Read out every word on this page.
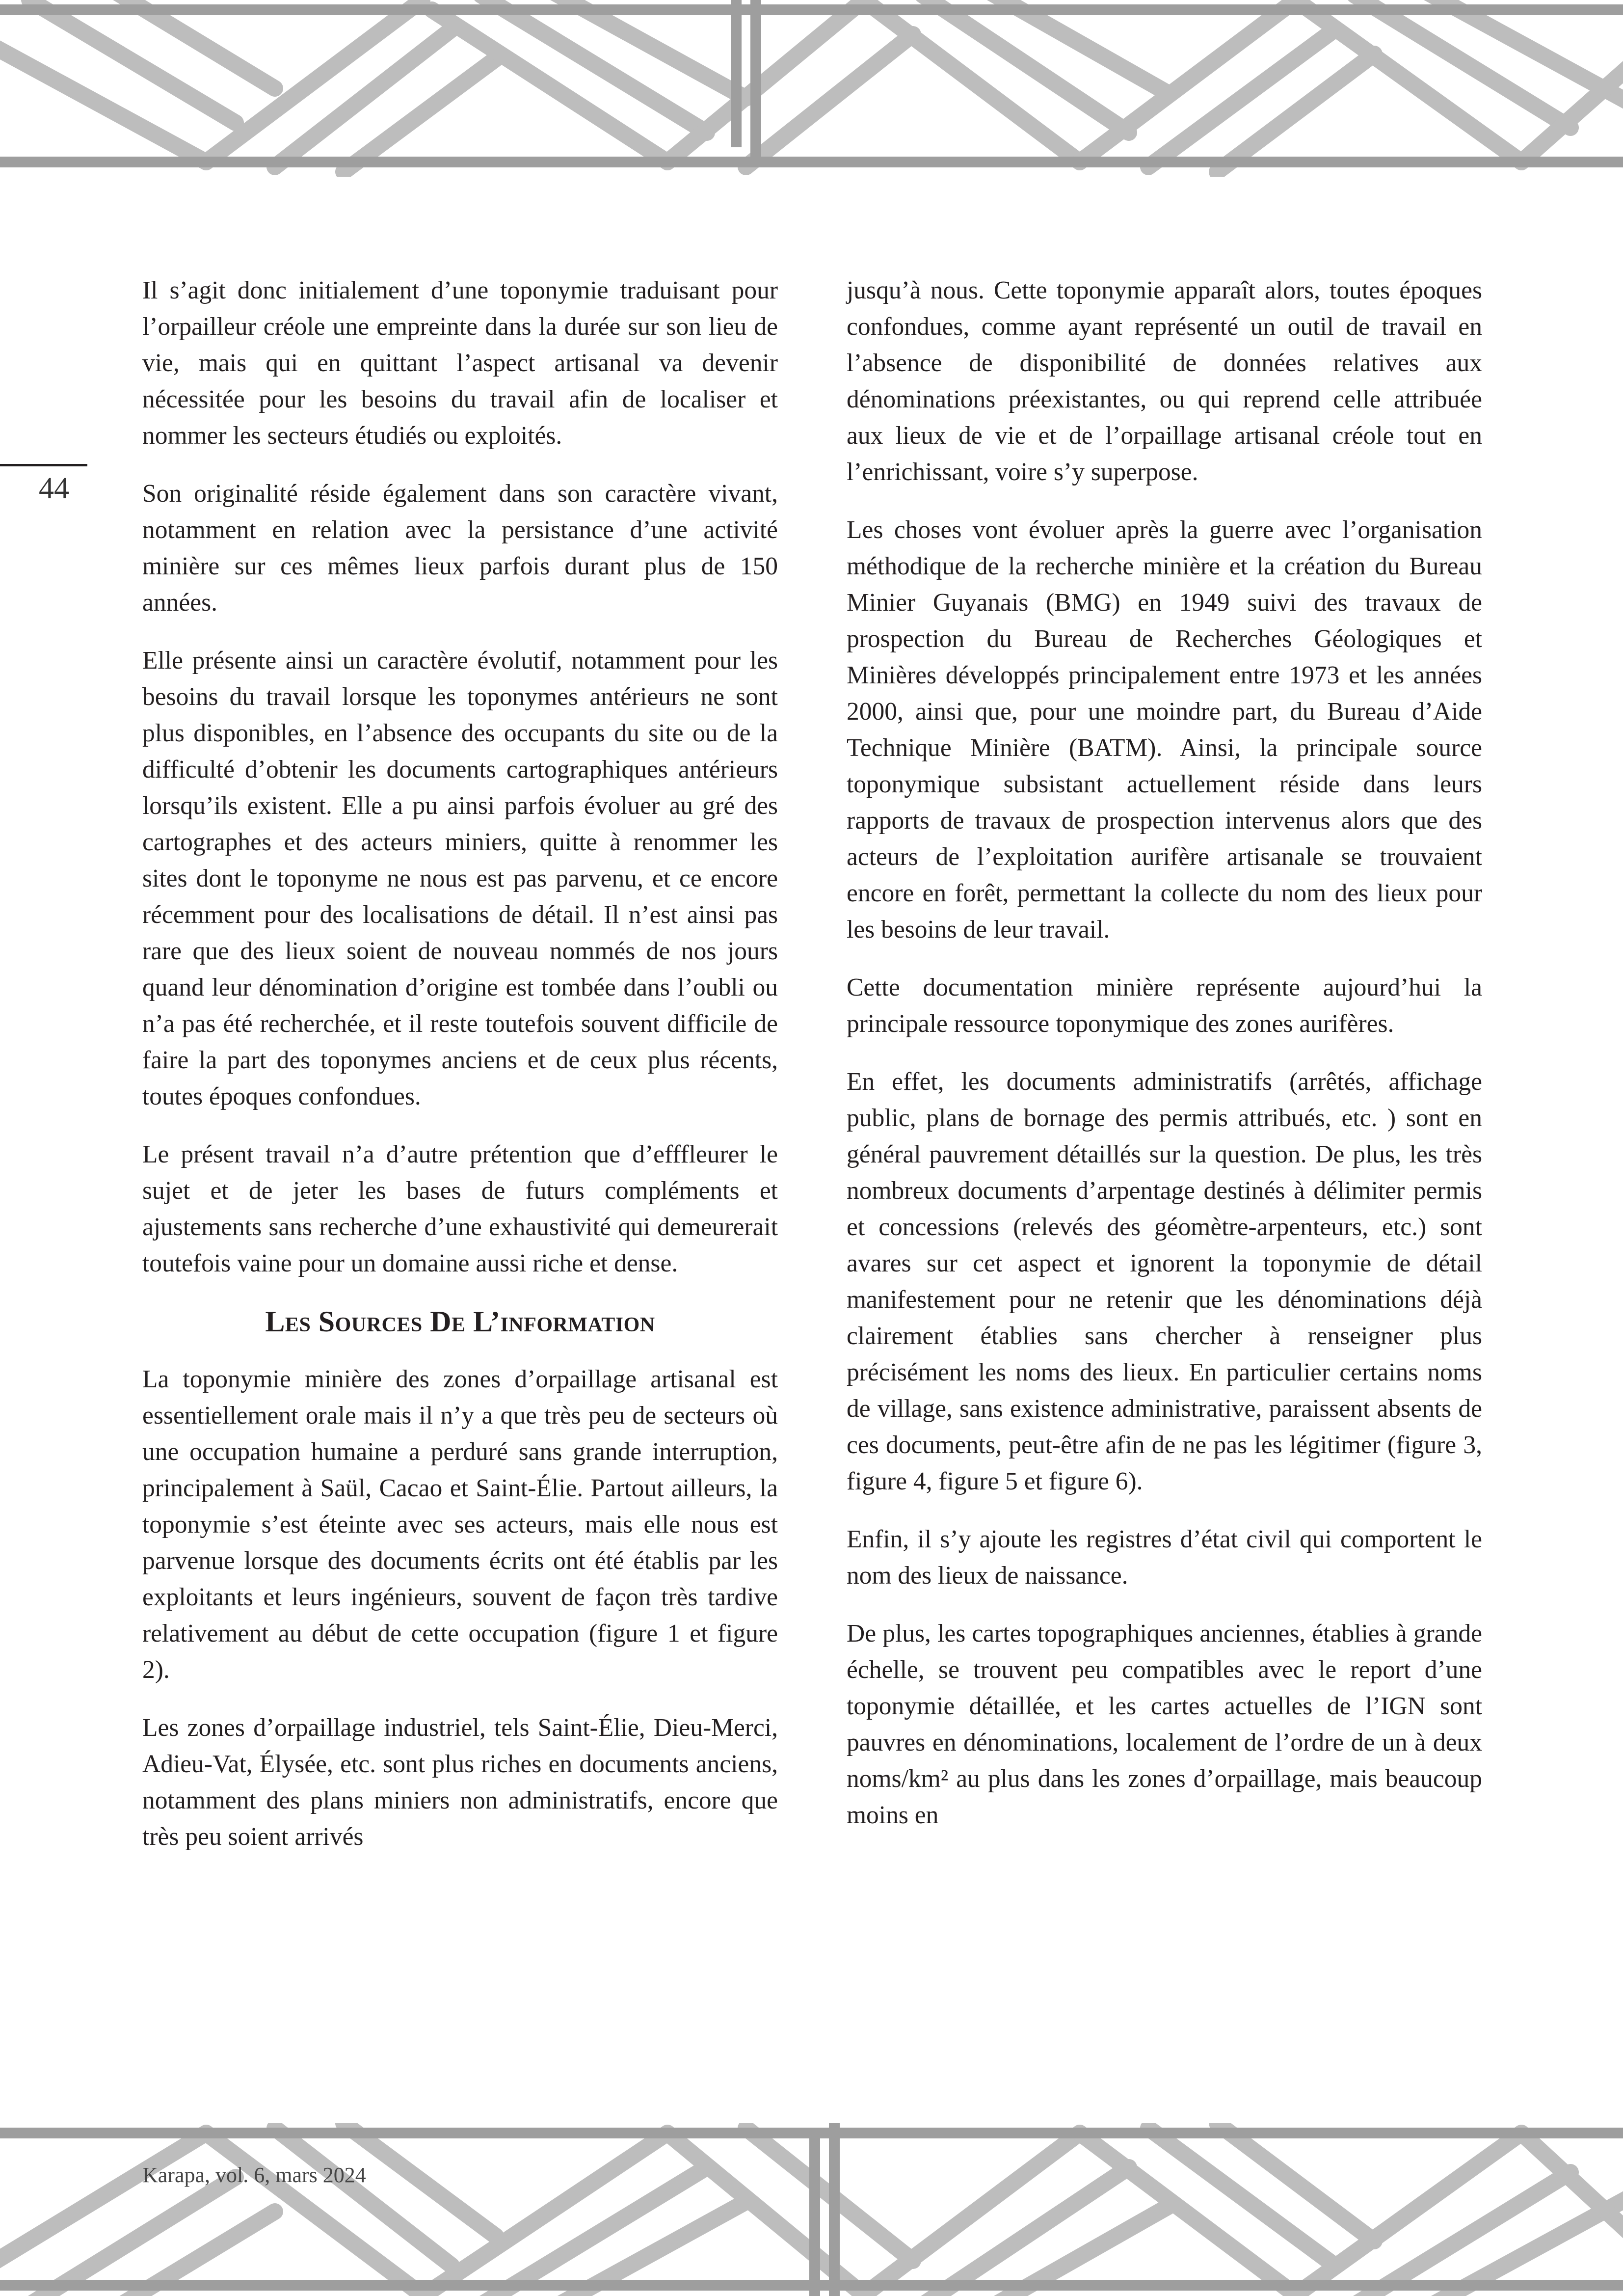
44

Il s’agit donc initialement d’une toponymie traduisant pour l’orpailleur créole une empreinte dans la durée sur son lieu de vie, mais qui en quittant l’aspect artisanal va devenir nécessitée pour les besoins du travail afin de localiser et nommer les secteurs étudiés ou exploités.

Son originalité réside également dans son caractère vivant, notamment en relation avec la persistance d’une activité minière sur ces mêmes lieux parfois durant plus de 150 années.

Elle présente ainsi un caractère évolutif, notamment pour les besoins du travail lorsque les toponymes antérieurs ne sont plus disponibles, en l’absence des occupants du site ou de la difficulté d’obtenir les documents cartographiques antérieurs lorsqu’ils existent. Elle a pu ainsi parfois évoluer au gré des cartographes et des acteurs miniers, quitte à renommer les sites dont le toponyme ne nous est pas parvenu, et ce encore récemment pour des localisations de détail. Il n’est ainsi pas rare que des lieux soient de nouveau nommés de nos jours quand leur dénomination d’origine est tombée dans l’oubli ou n’a pas été recherchée, et il reste toutefois souvent difficile de faire la part des toponymes anciens et de ceux plus récents, toutes époques confondues.

Le présent travail n’a d’autre prétention que d’efffleurer le sujet et de jeter les bases de futurs compléments et ajustements sans recherche d’une exhaustivité qui demeurerait toutefois vaine pour un domaine aussi riche et dense.

Les Sources De L’information

La toponymie minière des zones d’orpaillage artisanal est essentiellement orale mais il n’y a que très peu de secteurs où une occupation humaine a perduré sans grande interruption, principalement à Saül, Cacao et Saint-Élie. Partout ailleurs, la toponymie s’est éteinte avec ses acteurs, mais elle nous est parvenue lorsque des documents écrits ont été établis par les exploitants et leurs ingénieurs, souvent de façon très tardive relativement au début de cette occupation (figure 1 et figure 2).

Les zones d’orpaillage industriel, tels Saint-Élie, Dieu-Merci, Adieu-Vat, Élysée, etc. sont plus riches en documents anciens, notamment des plans miniers non administratifs, encore que très peu soient arrivés

jusqu’à nous. Cette toponymie apparaît alors, toutes époques confondues, comme ayant représenté un outil de travail en l’absence de disponibilité de données relatives aux dénominations préexistantes, ou qui reprend celle attribuée aux lieux de vie et de l’orpaillage artisanal créole tout en l’enrichissant, voire s’y superpose.

Les choses vont évoluer après la guerre avec l’organisation méthodique de la recherche minière et la création du Bureau Minier Guyanais (BMG) en 1949 suivi des travaux de prospection du Bureau de Recherches Géologiques et Minières développés principalement entre 1973 et les années 2000, ainsi que, pour une moindre part, du Bureau d’Aide Technique Minière (BATM). Ainsi, la principale source toponymique subsistant actuellement réside dans leurs rapports de travaux de prospection intervenus alors que des acteurs de l’exploitation aurifère artisanale se trouvaient encore en forêt, permettant la collecte du nom des lieux pour les besoins de leur travail.

Cette documentation minière représente aujourd’hui la principale ressource toponymique des zones aurifères.

En effet, les documents administratifs (arrêtés, affichage public, plans de bornage des permis attribués, etc. ) sont en général pauvrement détaillés sur la question. De plus, les très nombreux documents d’arpentage destinés à délimiter permis et concessions (relevés des géomètre-arpenteurs, etc.) sont avares sur cet aspect et ignorent la toponymie de détail manifestement pour ne retenir que les dénominations déjà clairement établies sans chercher à renseigner plus précisément les noms des lieux. En particulier certains noms de village, sans existence administrative, paraissent absents de ces documents, peut-être afin de ne pas les légitimer (figure 3, figure 4, figure 5 et figure 6).

Enfin, il s’y ajoute les registres d’état civil qui comportent le nom des lieux de naissance.

De plus, les cartes topographiques anciennes, établies à grande échelle, se trouvent peu compatibles avec le report d’une toponymie détaillée, et les cartes actuelles de l’IGN sont pauvres en dénominations, localement de l’ordre de un à deux noms/km² au plus dans les zones d’orpaillage, mais beaucoup moins en

Karapa, vol. 6, mars 2024
